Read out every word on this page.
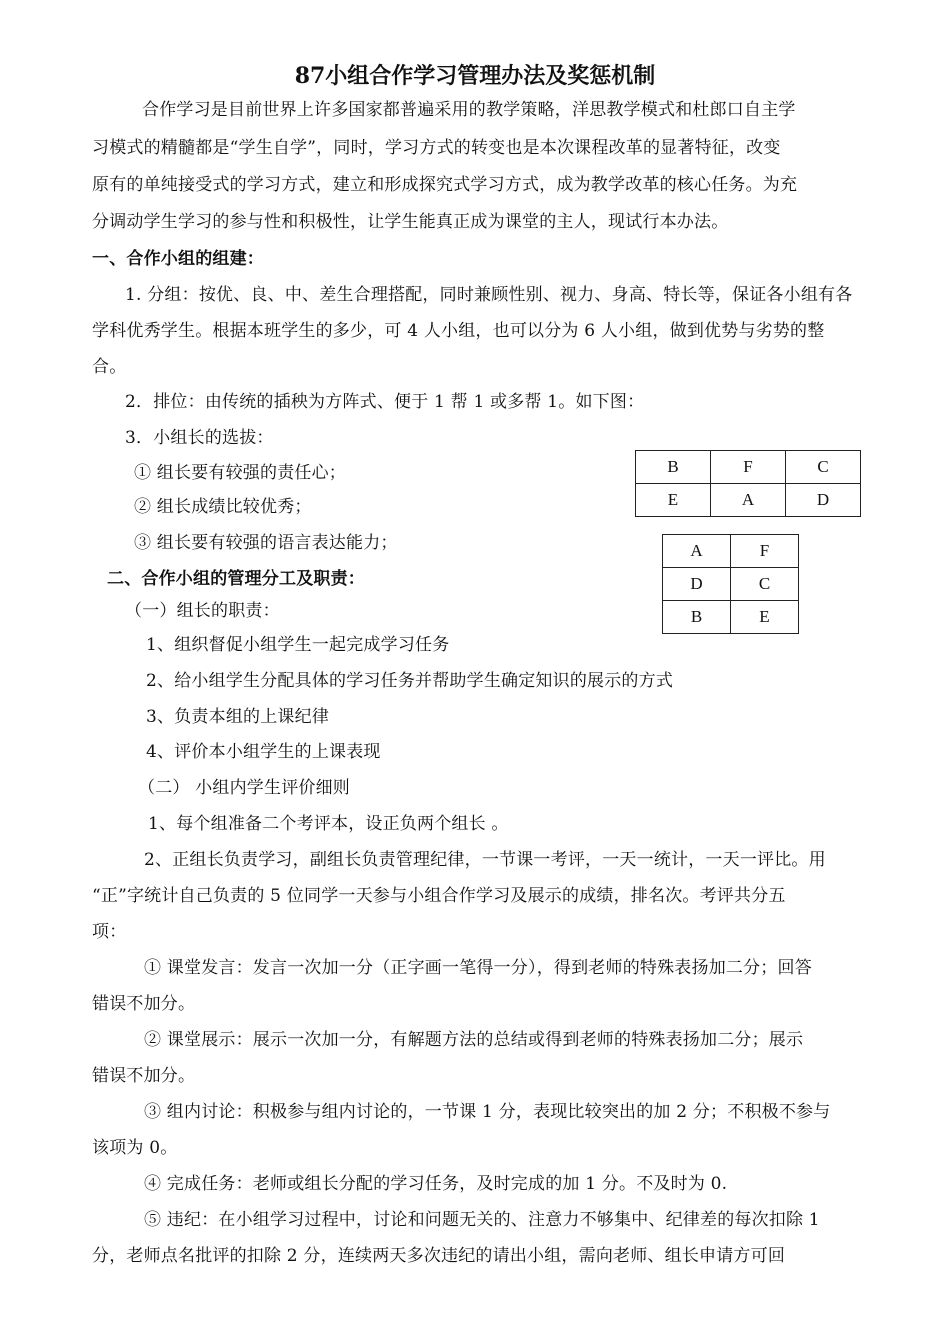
87小组合作学习管理办法及奖惩机制
合作学习是目前世界上许多国家都普遍采用的教学策略，洋思教学模式和杜郎口自主学
习模式的精髓都是“学生自学”，同时，学习方式的转变也是本次课程改革的显著特征，改变
原有的单纯接受式的学习方式，建立和形成探究式学习方式，成为教学改革的核心任务。为充
分调动学生学习的参与性和积极性，让学生能真正成为课堂的主人，现试行本办法。
一、合作小组的组建：
1. 分组：按优、良、中、差生合理搭配，同时兼顾性别、视力、身高、特长等，保证各小组有各
学科优秀学生。根据本班学生的多少，可 4 人小组，也可以分为 6 人小组，做到优势与劣势的整
合。
2．排位：由传统的插秧为方阵式、便于 1 帮 1 或多帮 1。如下图：
3．小组长的选拔：
① 组长要有较强的责任心；
② 组长成绩比较优秀；
③ 组长要有较强的语言表达能力；
B	F	C
E	A	D
A	F
D	C
B	E
二、合作小组的管理分工及职责：
（一）组长的职责：
1、组织督促小组学生一起完成学习任务
2、给小组学生分配具体的学习任务并帮助学生确定知识的展示的方式
3、负责本组的上课纪律
4、评价本小组学生的上课表现
（二） 小组内学生评价细则
1、每个组准备二个考评本，设正负两个组长 。
2、正组长负责学习，副组长负责管理纪律，一节课一考评，一天一统计，一天一评比。用
“正”字统计自己负责的 5 位同学一天参与小组合作学习及展示的成绩，排名次。考评共分五
项：
① 课堂发言：发言一次加一分（正字画一笔得一分），得到老师的特殊表扬加二分；回答
错误不加分。
② 课堂展示：展示一次加一分，有解题方法的总结或得到老师的特殊表扬加二分；展示
错误不加分。
③ 组内讨论：积极参与组内讨论的，一节课 1 分，表现比较突出的加 2 分；不积极不参与
该项为 0。
④ 完成任务：老师或组长分配的学习任务，及时完成的加 1 分。不及时为 0.
⑤ 违纪：在小组学习过程中，讨论和问题无关的、注意力不够集中、纪律差的每次扣除 1
分，老师点名批评的扣除 2 分，连续两天多次违纪的请出小组，需向老师、组长申请方可回
